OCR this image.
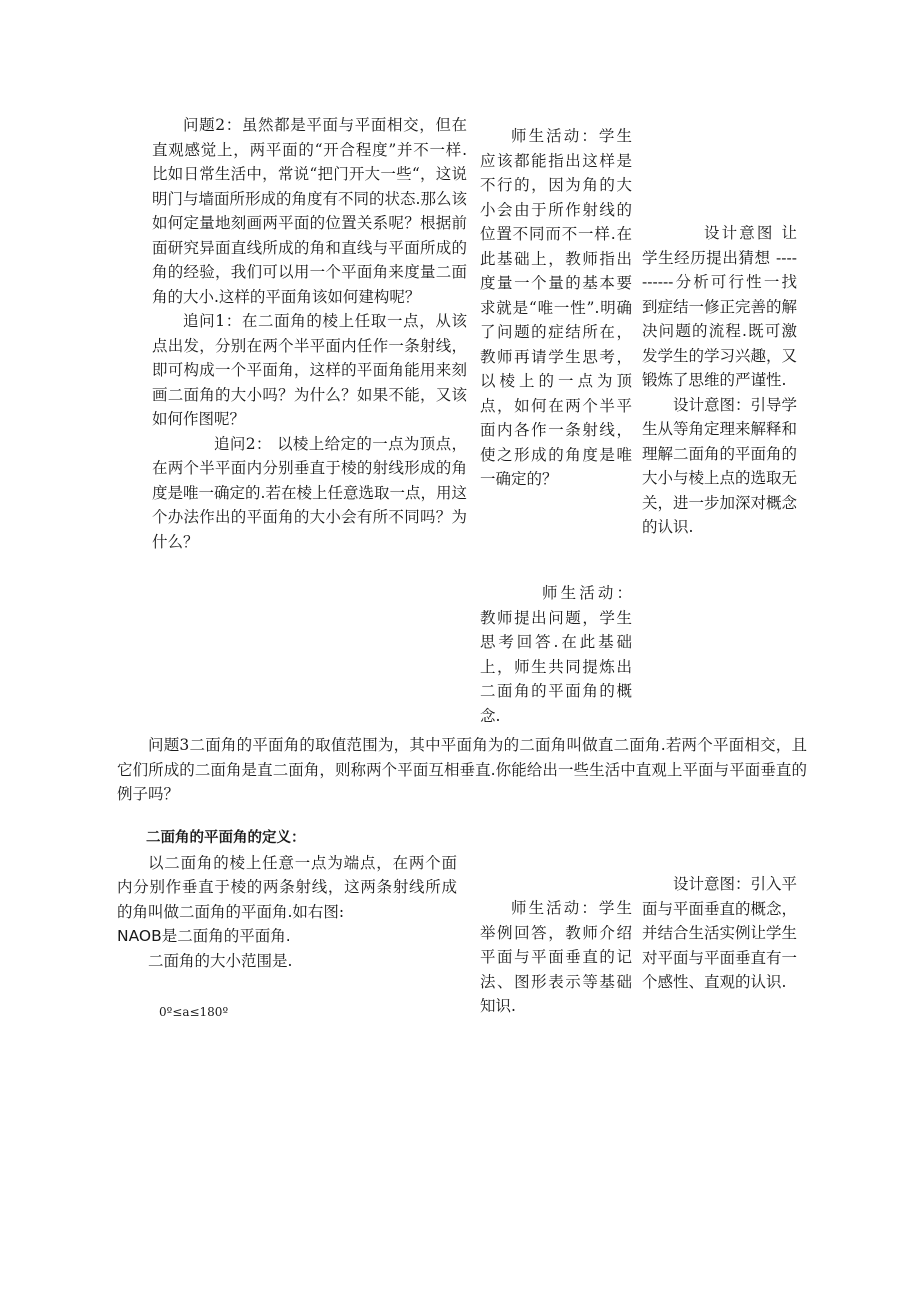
问题2：虽然都是平面与平面相交，但在直观感觉上，两平面的“开合程度”并不一样.比如日常生活中，常说“把门开大一些“，这说明门与墙面所形成的角度有不同的状态.那么该如何定量地刻画两平面的位置关系呢？根据前面研究异面直线所成的角和直线与平面所成的角的经验，我们可以用一个平面角来度量二面角的大小.这样的平面角该如何建构呢？

追问1：在二面角的棱上任取一点，从该点出发，分别在两个半平面内任作一条射线，即可构成一个平面角，这样的平面角能用来刻画二面角的大小吗？为什么？如果不能，又该如何作图呢？

追问2： 以棱上给定的一点为顶点，在两个半平面内分别垂直于棱的射线形成的角度是唯一确定的.若在棱上任意选取一点，用这个办法作出的平面角的大小会有所不同吗？为什么？

师生活动：学生应该都能指出这样是不行的，因为角的大小会由于所作射线的位置不同而不一样.在此基础上，教师指出度量一个量的基本要求就是“唯一性”.明确了问题的症结所在，教师再请学生思考，以棱上的一点为顶点，如何在两个半平面内各作一条射线，使之形成的角度是唯一确定的？

师生活动：教师提出问题，学生思考回答.在此基础上，师生共同提炼出二面角的平面角的概念.

设计意图 让学生经历提出猜想 ----------分析可行性一找到症结一修正完善的解决问题的流程.既可激发学生的学习兴趣，又锻炼了思维的严谨性.

设计意图：引导学生从等角定理来解释和理解二面角的平面角的大小与棱上点的选取无关，进一步加深对概念的认识.

问题3二面角的平面角的取值范围为，其中平面角为的二面角叫做直二面角.若两个平面相交，且它们所成的二面角是直二面角，则称两个平面互相垂直.你能给出一些生活中直观上平面与平面垂直的例子吗？

二面角的平面角的定义：

以二面角的棱上任意一点为端点，在两个面内分别作垂直于棱的两条射线，这两条射线所成的角叫做二面角的平面角.如右图:

NAOB是二面角的平面角.

二面角的大小范围是.

0º≤a≤180º

师生活动：学生举例回答，教师介绍平面与平面垂直的记法、图形表示等基础知识.

设计意图：引入平面与平面垂直的概念，并结合生活实例让学生对平面与平面垂直有一个感性、直观的认识.
